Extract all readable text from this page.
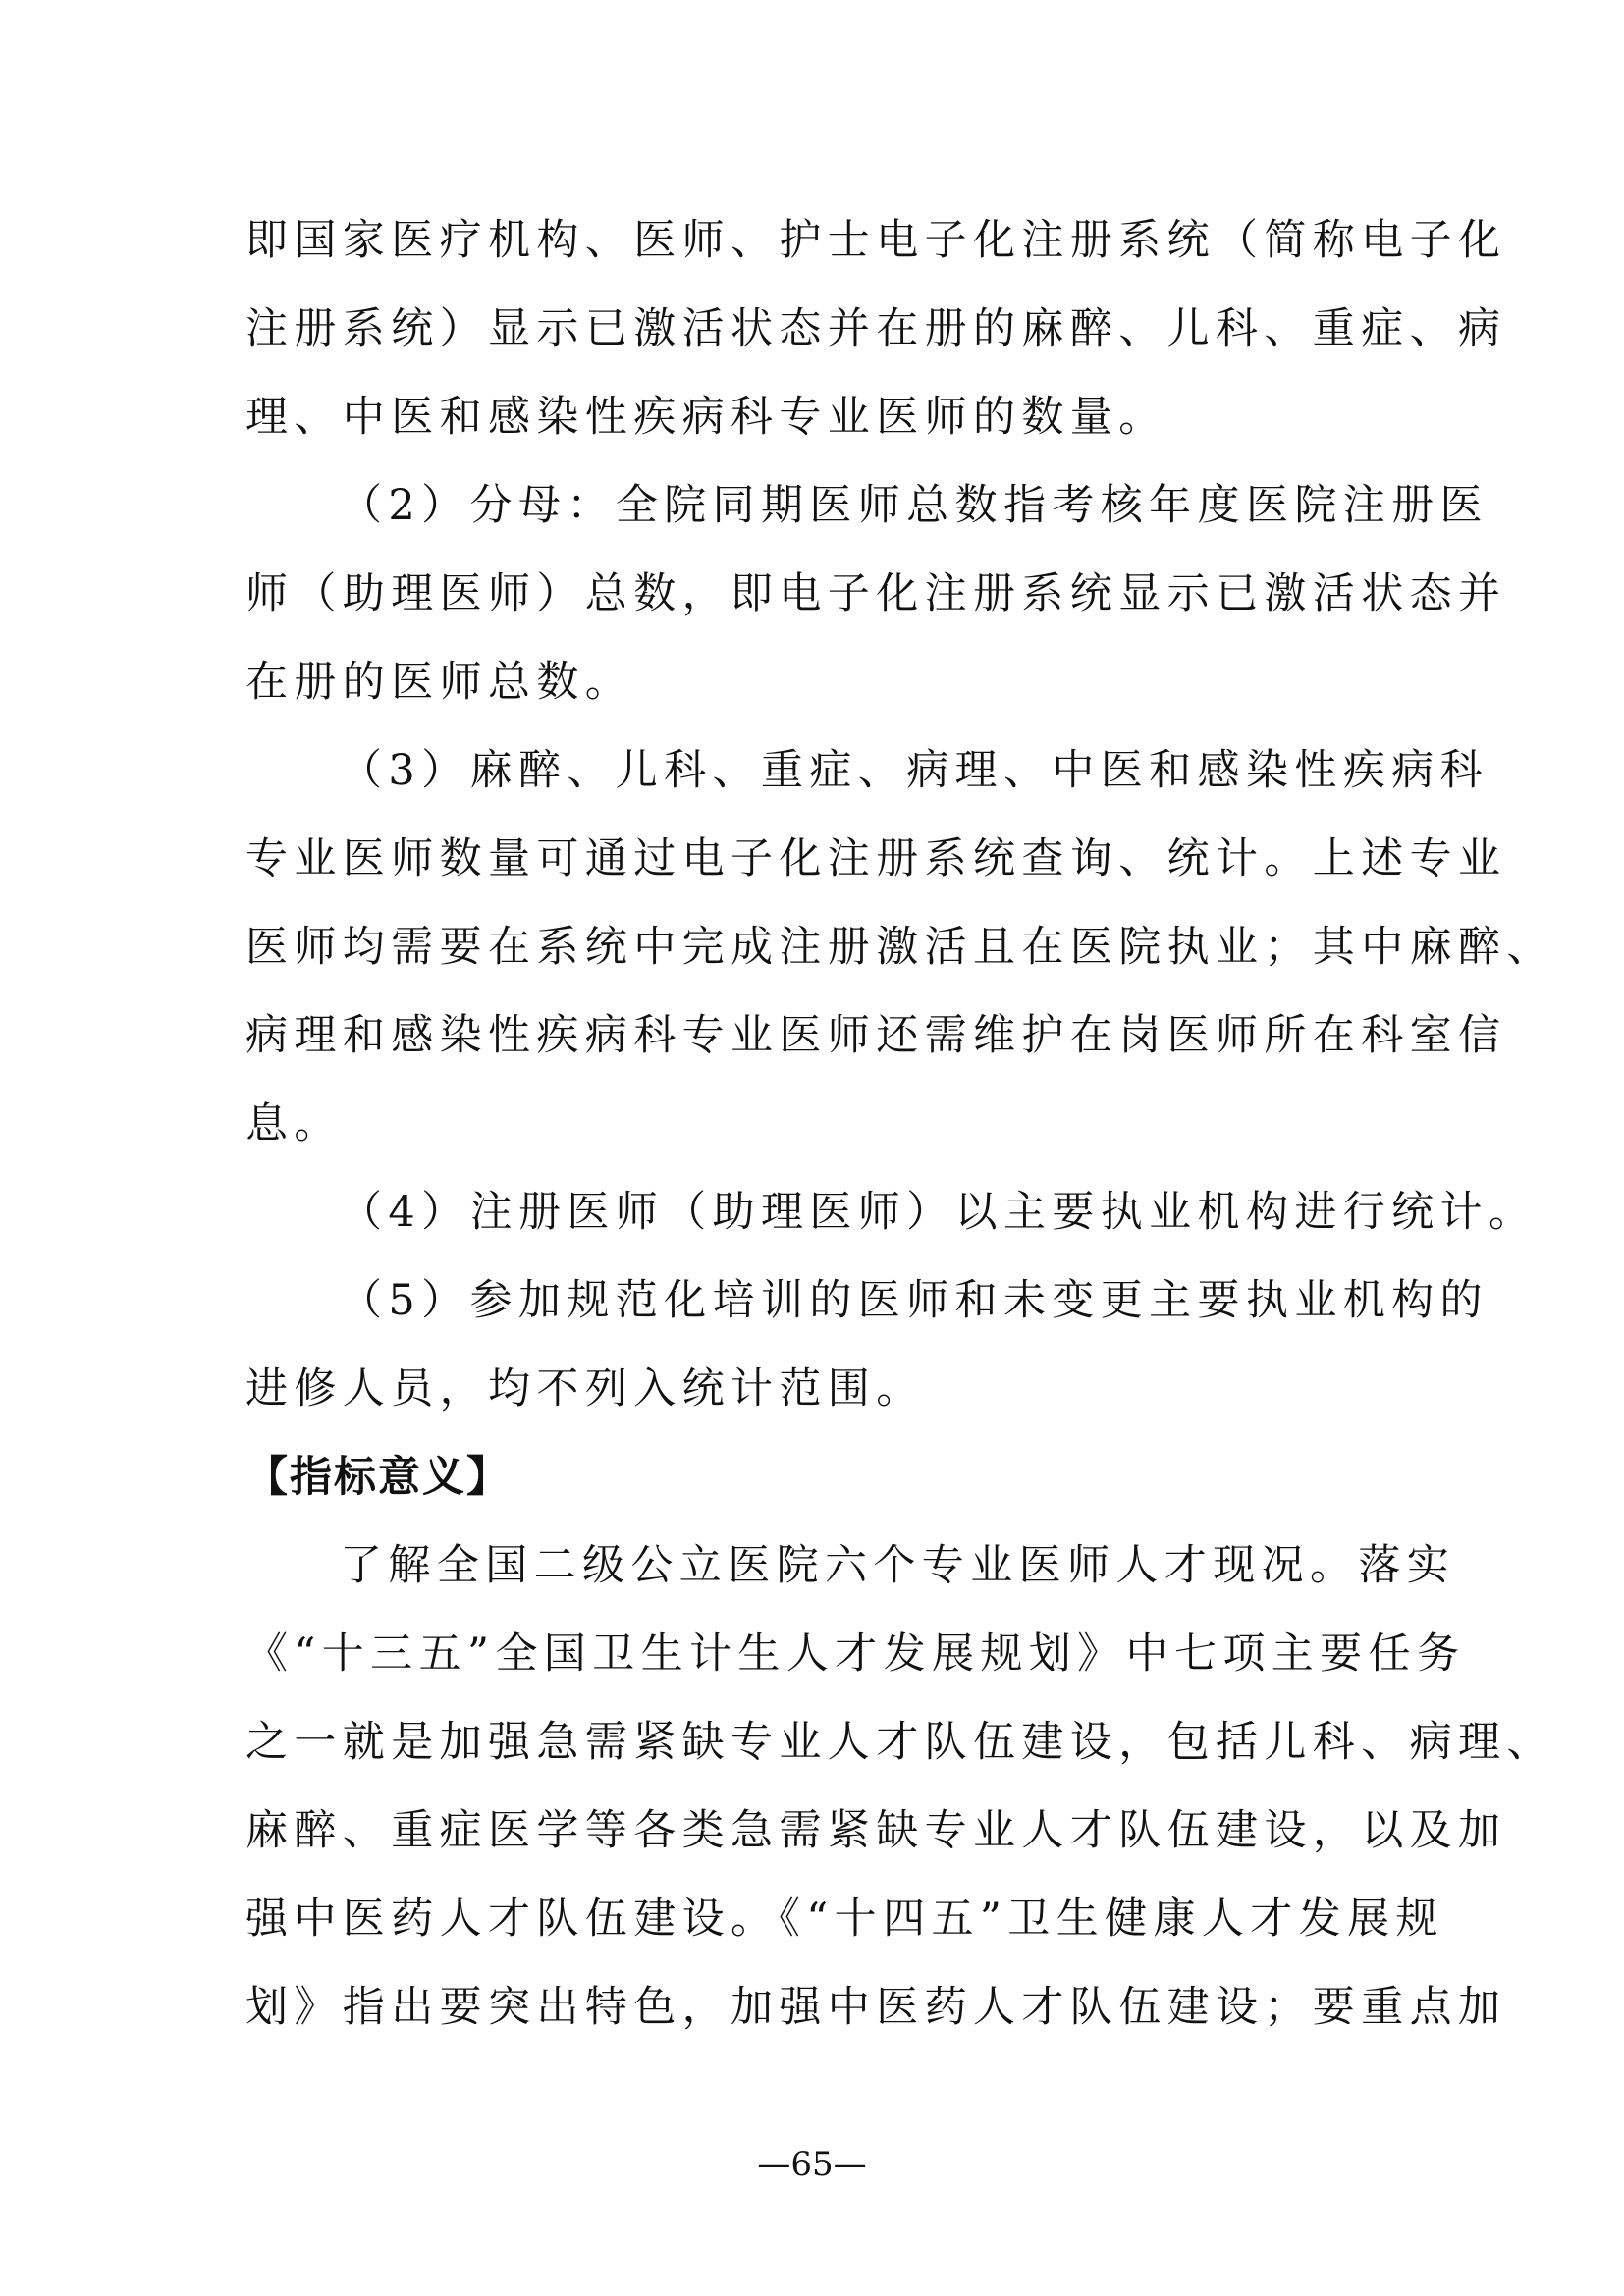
即国家医疗机构、医师、护士电子化注册系统（简称电子化
注册系统）显示已激活状态并在册的麻醉、儿科、重症、病
理、中医和感染性疾病科专业医师的数量。
（2）分母：全院同期医师总数指考核年度医院注册医
师（助理医师）总数，即电子化注册系统显示已激活状态并
在册的医师总数。
（3）麻醉、儿科、重症、病理、中医和感染性疾病科
专业医师数量可通过电子化注册系统查询、统计。上述专业
医师均需要在系统中完成注册激活且在医院执业；其中麻醉、
病理和感染性疾病科专业医师还需维护在岗医师所在科室信
息。
（4）注册医师（助理医师）以主要执业机构进行统计。
（5）参加规范化培训的医师和未变更主要执业机构的
进修人员，均不列入统计范围。
【指标意义】
了解全国二级公立医院六个专业医师人才现况。落实
《“十三五”全国卫生计生人才发展规划》中七项主要任务
之一就是加强急需紧缺专业人才队伍建设，包括儿科、病理、
麻醉、重症医学等各类急需紧缺专业人才队伍建设，以及加
强中医药人才队伍建设。《“十四五”卫生健康人才发展规
划》指出要突出特色，加强中医药人才队伍建设；要重点加
—65—
